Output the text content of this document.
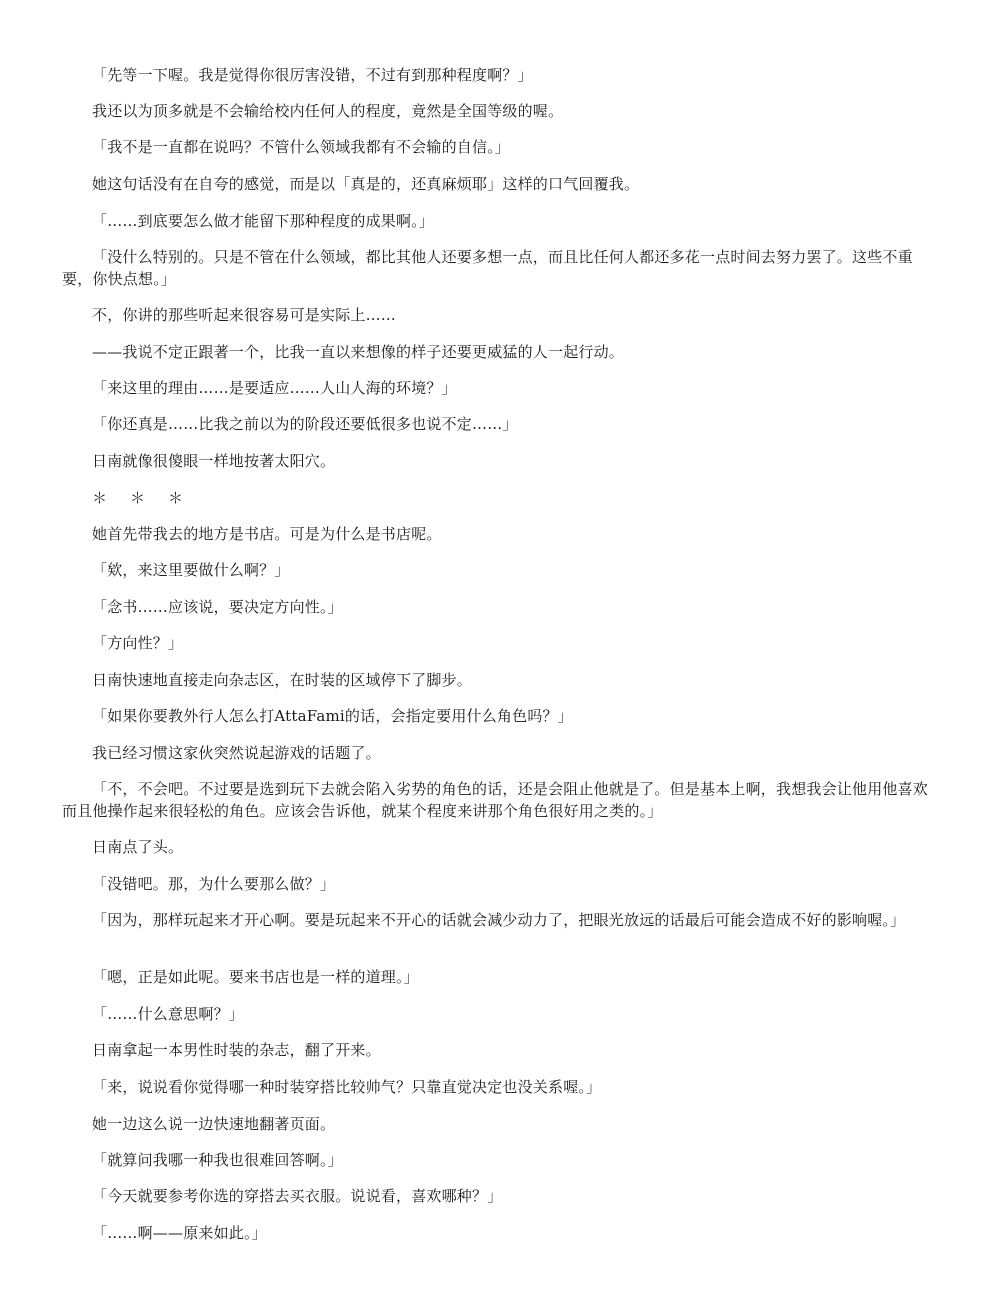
「先等一下喔。我是觉得你很厉害没错，不过有到那种程度啊？」
我还以为顶多就是不会输给校内任何人的程度，竟然是全国等级的喔。
「我不是一直都在说吗？不管什么领域我都有不会输的自信。」
她这句话没有在自夸的感觉，而是以「真是的，还真麻烦耶」这样的口气回覆我。
「……到底要怎么做才能留下那种程度的成果啊。」
「没什么特别的。只是不管在什么领域，都比其他人还要多想一点，而且比任何人都还多花一点时间去努力罢了。这些不重要，你快点想。」
不，你讲的那些听起来很容易可是实际上……
——我说不定正跟著一个，比我一直以来想像的样子还要更威猛的人一起行动。
「来这里的理由……是要适应……人山人海的环境？」
「你还真是……比我之前以为的阶段还要低很多也说不定……」
日南就像很傻眼一样地按著太阳穴。
＊ ＊ ＊
她首先带我去的地方是书店。可是为什么是书店呢。
「欸，来这里要做什么啊？」
「念书……应该说，要决定方向性。」
「方向性？」
日南快速地直接走向杂志区，在时装的区域停下了脚步。
「如果你要教外行人怎么打AttaFami的话，会指定要用什么角色吗？」
我已经习惯这家伙突然说起游戏的话题了。
「不，不会吧。不过要是选到玩下去就会陷入劣势的角色的话，还是会阻止他就是了。但是基本上啊，我想我会让他用他喜欢而且他操作起来很轻松的角色。应该会告诉他，就某个程度来讲那个角色很好用之类的。」
日南点了头。
「没错吧。那，为什么要那么做？」
「因为，那样玩起来才开心啊。要是玩起来不开心的话就会减少动力了，把眼光放远的话最后可能会造成不好的影响喔。」
「嗯，正是如此呢。要来书店也是一样的道理。」
「……什么意思啊？」
日南拿起一本男性时装的杂志，翻了开来。
「来，说说看你觉得哪一种时装穿搭比较帅气？只靠直觉决定也没关系喔。」
她一边这么说一边快速地翻著页面。
「就算问我哪一种我也很难回答啊。」
「今天就要参考你选的穿搭去买衣服。说说看，喜欢哪种？」
「……啊——原来如此。」
